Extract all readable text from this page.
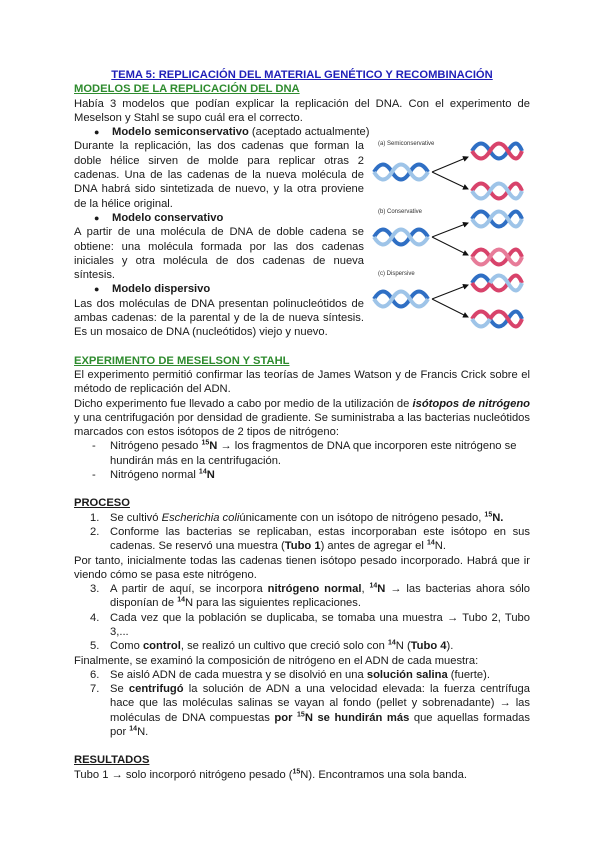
TEMA 5: REPLICACIÓN DEL MATERIAL GENÉTICO Y RECOMBINACIÓN

MODELOS DE LA REPLICACIÓN DEL DNA

Había 3 modelos que podían explicar la replicación del DNA. Con el experimento de Meselson y Stahl se supo cuál era el correcto.

●	Modelo semiconservativo (aceptado actualmente)

Durante la replicación, las dos cadenas que forman la doble hélice sirven de molde para replicar otras 2 cadenas. Una de las cadenas de la nueva molécula de DNA habrá sido sintetizada de nuevo, y la otra proviene de la hélice original.

●	Modelo conservativo

A partir de una molécula de DNA de doble cadena se obtiene: una molécula formada por las dos cadenas iniciales y otra molécula de dos cadenas de nueva síntesis.

●	Modelo dispersivo

Las dos moléculas de DNA presentan polinucleótidos de ambas cadenas: de la parental y de la de nueva síntesis. Es un mosaico de DNA (nucleótidos) viejo y nuevo.

EXPERIMENTO DE MESELSON Y STAHL

El experimento permitió confirmar las teorías de James Watson y de Francis Crick sobre el método de replicación del ADN.

Dicho experimento fue llevado a cabo por medio de la utilización de isótopos de nitrógeno y una centrifugación por densidad de gradiente. Se suministraba a las bacterias nucleótidos marcados con estos isótopos de 2 tipos de nitrógeno:

-	Nitrógeno pesado $^{15}$N → los fragmentos de DNA que incorporen este nitrógeno se hundirán más en la centrifugación.
-	Nitrógeno normal $^{14}$N

PROCESO

1. Se cultivó Escherichia coliúnicamente con un isótopo de nitrógeno pesado, $^{15}$N.
2. Conforme las bacterias se replicaban, estas incorporaban este isótopo en sus cadenas. Se reservó una muestra (Tubo 1) antes de agregar el $^{14}$N.

Por tanto, inicialmente todas las cadenas tienen isótopo pesado incorporado. Habrá que ir viendo cómo se pasa este nitrógeno.

3. A partir de aquí, se incorpora nitrógeno normal, $^{14}$N → las bacterias ahora sólo disponían de $^{14}$N para las siguientes replicaciones.
4. Cada vez que la población se duplicaba, se tomaba una muestra → Tubo 2, Tubo 3,...
5. Como control, se realizó un cultivo que creció solo con $^{14}$N (Tubo 4).

Finalmente, se examinó la composición de nitrógeno en el ADN de cada muestra:

6. Se aisló ADN de cada muestra y se disolvió en una solución salina (fuerte).
7. Se centrifugó la solución de ADN a una velocidad elevada: la fuerza centrífuga hace que las moléculas salinas se vayan al fondo (pellet y sobrenadante) → las moléculas de DNA compuestas por $^{15}$N se hundirán más que aquellas formadas por $^{14}$N.

RESULTADOS

Tubo 1 → solo incorporó nitrógeno pesado ($^{15}$N). Encontramos una sola banda.

(a) Semiconservative
(b) Conservative
(c) Dispersive
